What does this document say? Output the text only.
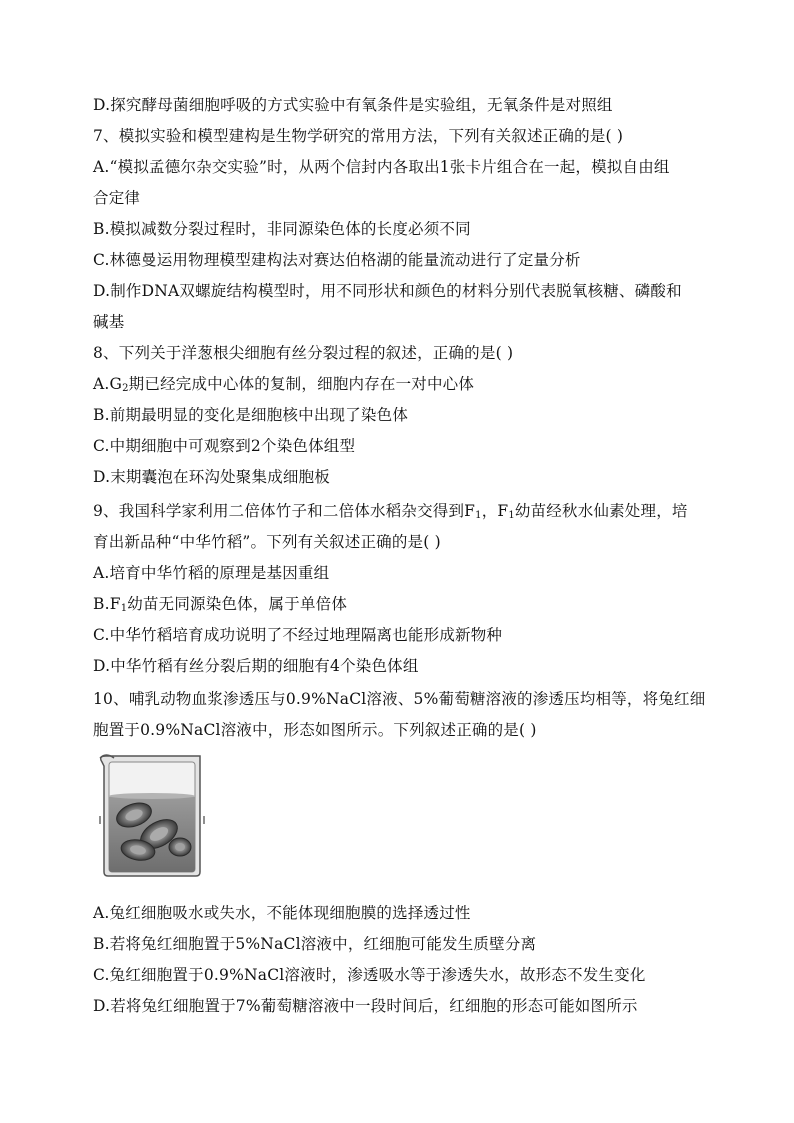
D.探究酵母菌细胞呼吸的方式实验中有氧条件是实验组，无氧条件是对照组
7、模拟实验和模型建构是生物学研究的常用方法，下列有关叙述正确的是( )
A.“模拟孟德尔杂交实验”时，从两个信封内各取出1张卡片组合在一起，模拟自由组
合定律
B.模拟减数分裂过程时，非同源染色体的长度必须不同
C.林德曼运用物理模型建构法对赛达伯格湖的能量流动进行了定量分析
D.制作DNA双螺旋结构模型时，用不同形状和颜色的材料分别代表脱氧核糖、磷酸和
碱基
8、下列关于洋葱根尖细胞有丝分裂过程的叙述，正确的是( )
$A.G_2$期已经完成中心体的复制，细胞内存在一对中心体
B.前期最明显的变化是细胞核中出现了染色体
C.中期细胞中可观察到2个染色体组型
D.末期囊泡在环沟处聚集成细胞板
9、我国科学家利用二倍体竹子和二倍体水稻杂交得到$F_1$，$F_1$幼苗经秋水仙素处理，培
育出新品种“中华竹稻”。下列有关叙述正确的是( )
A.培育中华竹稻的原理是基因重组
$B.F_1$幼苗无同源染色体，属于单倍体
C.中华竹稻培育成功说明了不经过地理隔离也能形成新物种
D.中华竹稻有丝分裂后期的细胞有4个染色体组
10、哺乳动物血浆渗透压与0.9%NaCl溶液、5%葡萄糖溶液的渗透压均相等，将兔红细
胞置于0.9%NaCl溶液中，形态如图所示。下列叙述正确的是( )
A.兔红细胞吸水或失水，不能体现细胞膜的选择透过性
B.若将兔红细胞置于5%NaCl溶液中，红细胞可能发生质壁分离
C.兔红细胞置于0.9%NaCl溶液时，渗透吸水等于渗透失水，故形态不发生变化
D.若将兔红细胞置于7%葡萄糖溶液中一段时间后，红细胞的形态可能如图所示
